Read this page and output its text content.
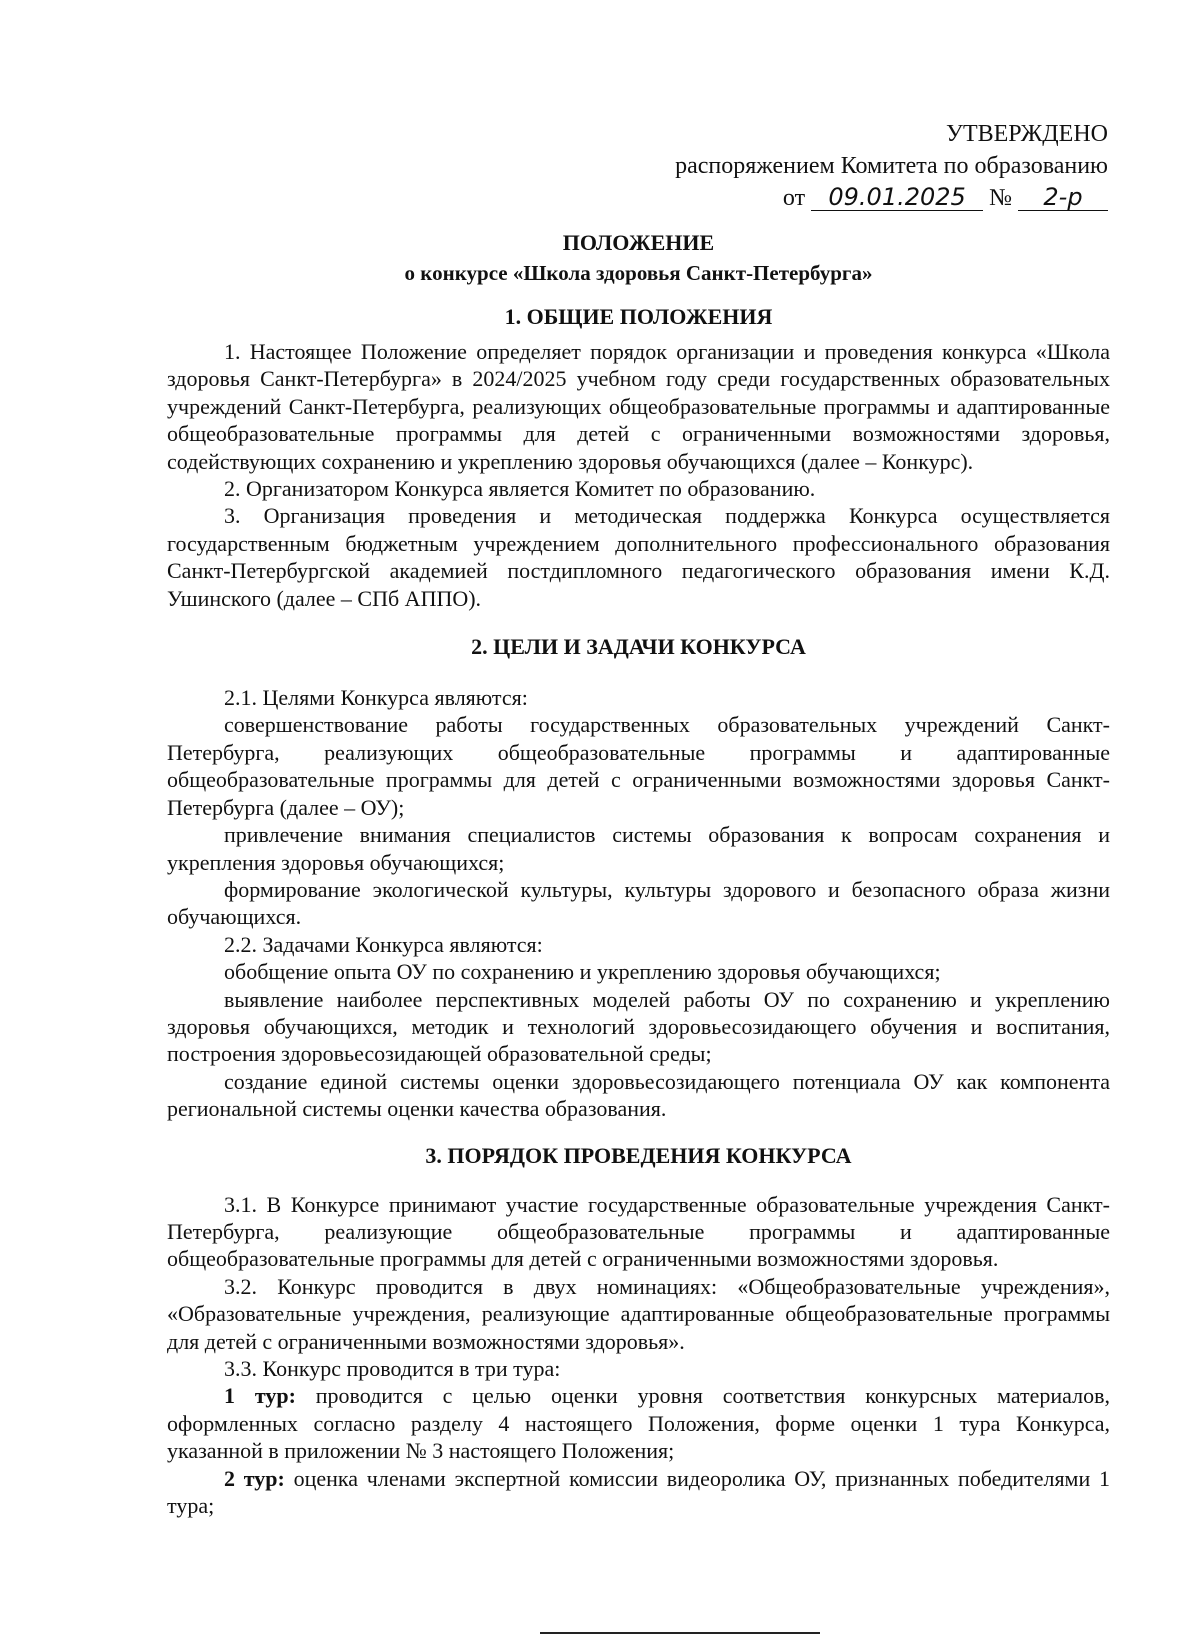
УТВЕРЖДЕНО
распоряжением Комитета по образованию
от 09.01.2025 №	2-р
ПОЛОЖЕНИЕ
о конкурсе «Школа здоровья Санкт-Петербурга»
1. ОБЩИЕ ПОЛОЖЕНИЯ

1. Настоящее Положение определяет порядок организации и проведения конкурса «Школа здоровья Санкт-Петербурга» в 2024/2025 учебном году среди государственных образовательных учреждений Санкт-Петербурга, реализующих общеобразовательные программы и адаптированные общеобразовательные программы для детей с ограниченными возможностями здоровья, содействующих сохранению и укреплению здоровья обучающихся (далее – Конкурс).

2. Организатором Конкурса является Комитет по образованию.

3. Организация проведения и методическая поддержка Конкурса осуществляется государственным бюджетным учреждением дополнительного профессионального образования Санкт-Петербургской академией постдипломного педагогического образования имени К.Д. Ушинского (далее – СПб АППО).

2. ЦЕЛИ И ЗАДАЧИ КОНКУРСА

2.1. Целями Конкурса являются:

совершенствование работы государственных образовательных учреждений Санкт-Петербурга, реализующих общеобразовательные программы и адаптированные общеобразовательные программы для детей с ограниченными возможностями здоровья Санкт-Петербурга (далее – ОУ);

привлечение внимания специалистов системы образования к вопросам сохранения и укрепления здоровья обучающихся;

формирование экологической культуры, культуры здорового и безопасного образа жизни обучающихся.

2.2. Задачами Конкурса являются:

обобщение опыта ОУ по сохранению и укреплению здоровья обучающихся;

выявление наиболее перспективных моделей работы ОУ по сохранению и укреплению здоровья обучающихся, методик и технологий здоровьесозидающего обучения и воспитания, построения здоровьесозидающей образовательной среды;

создание единой системы оценки здоровьесозидающего потенциала ОУ как компонента региональной системы оценки качества образования.

3. ПОРЯДОК ПРОВЕДЕНИЯ КОНКУРСА

3.1. В Конкурсе принимают участие государственные образовательные учреждения Санкт-Петербурга, реализующие общеобразовательные программы и адаптированные общеобразовательные программы для детей с ограниченными возможностями здоровья.

3.2. Конкурс проводится в двух номинациях: «Общеобразовательные учреждения», «Образовательные учреждения, реализующие адаптированные общеобразовательные программы для детей с ограниченными возможностями здоровья».

3.3. Конкурс проводится в три тура:

1 тур: проводится с целью оценки уровня соответствия конкурсных материалов, оформленных согласно разделу 4 настоящего Положения, форме оценки 1 тура Конкурса, указанной в приложении № 3 настоящего Положения;

2 тур: оценка членами экспертной комиссии видеоролика ОУ, признанных победителями 1 тура;
